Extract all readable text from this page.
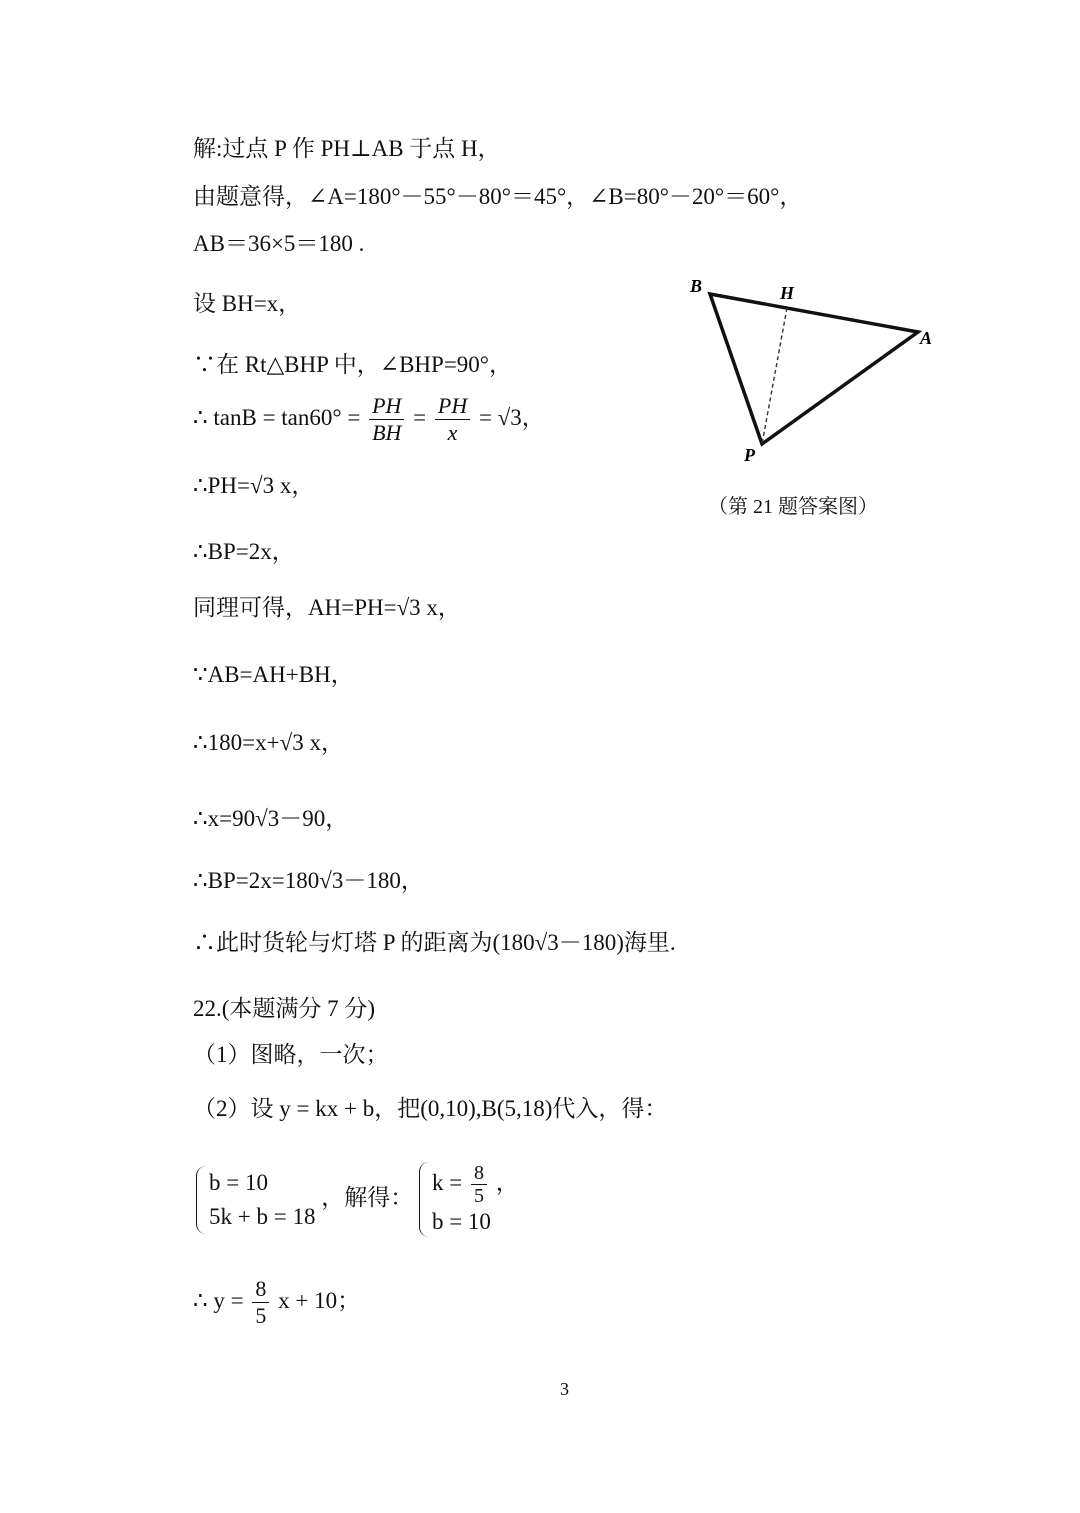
解:过点 P 作 PH⊥AB 于点 H，
由题意得，∠A=180°－55°－80°＝45°，∠B=80°－20°＝60°，
AB＝36×5＝180 .
设 BH=x，
∵在 Rt△BHP 中，∠BHP=90°，
∴ $\tan B = \tan 60^\circ = \frac{PH}{BH} = \frac{PH}{x} = √3$，
∴PH=√3 x，
∴BP=2x，
同理可得，AH=PH=√3 x，
∵AB=AH+BH，
∴180=x+√3 x，
∴x=90√3－90，
∴BP=2x=180√3－180，
∴此时货轮与灯塔 P 的距离为(180√3－180)海里.
B	H
A
P
（第 21 题答案图）
22.(本题满分 7 分)
（1）图略，一次；
（2）设 y = kx + b，把(0,10),B(5,18)代入，得：
b = 10
5k + b = 18
，解得：
$k = \frac{8}{5}$ ，
b = 10
∴ $y = \frac{8}{5}$ x + 10；
3
